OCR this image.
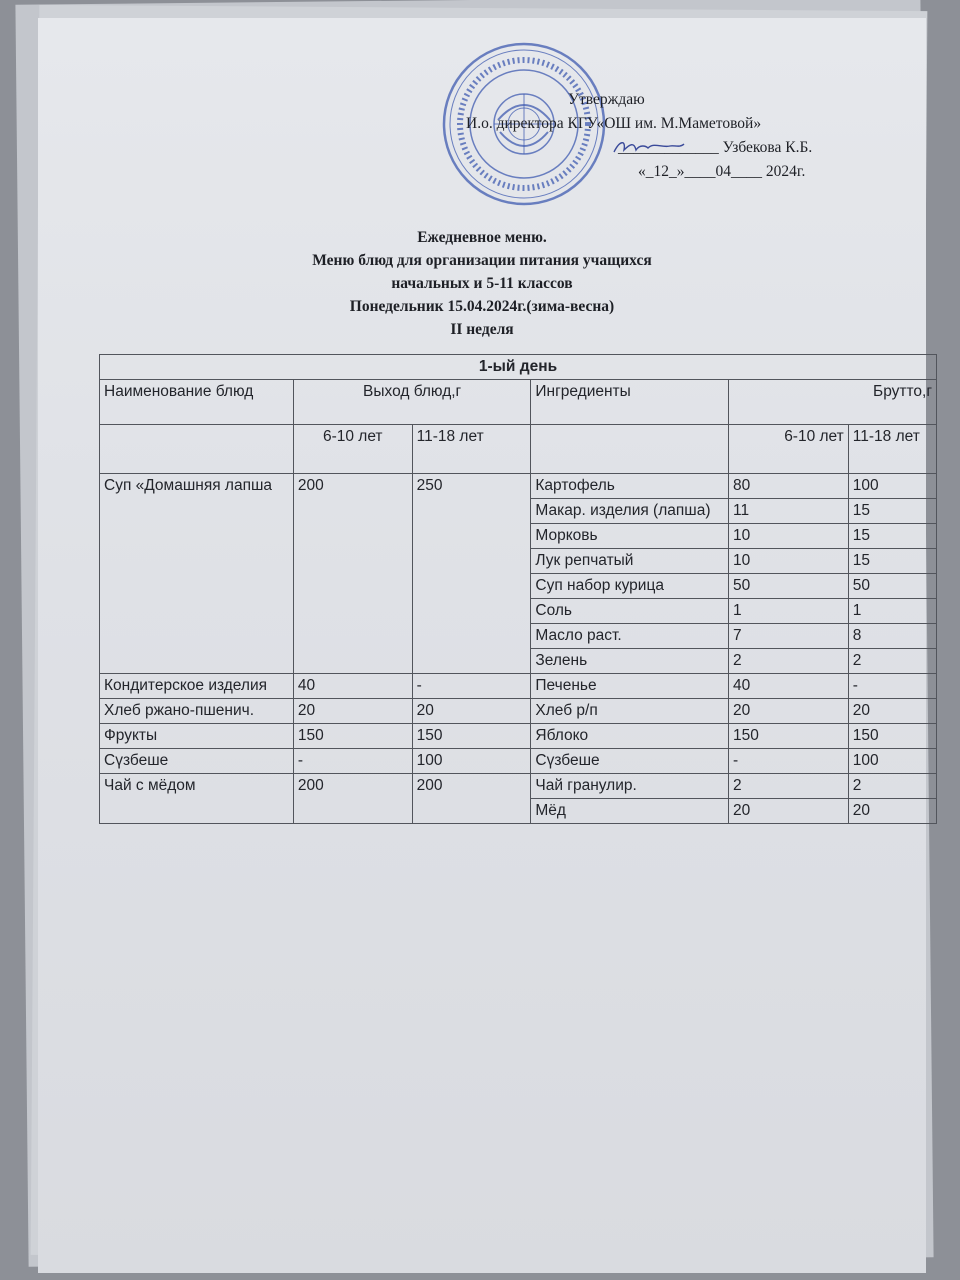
Утверждаю
И.о. директора КГУ«ОШ им. М.Маметовой»
_____________ Узбекова К.Б.
«_12_»____04____ 2024г.
Ежедневное меню.
Меню блюд для организации питания учащихся
начальных и 5-11 классов
Понедельник 15.04.2024г.(зима-весна)
II неделя
1-ый день					
Наименование блюд	Выход блюд,г		Ингредиенты	Брутто,г	
	6-10 лет	11-18 лет		6-10 лет	11-18 лет
Суп «Домашняя лапша	200	250	Картофель	80	100
			Макар. изделия (лапша)	11	15
			Морковь	10	15
			Лук репчатый	10	15
			Суп набор курица	50	50
			Соль	1	1
			Масло раст.	7	8
			Зелень	2	2
Кондитерское изделия	40	-	Печенье	40	-
Хлеб ржано-пшенич.	20	20	Хлеб р/п	20	20
Фрукты	150	150	Яблоко	150	150
Сүзбеше	-	100	Сүзбеше	-	100
Чай с мёдом	200	200	Чай гранулир.	2	2
			Мёд	20	20
